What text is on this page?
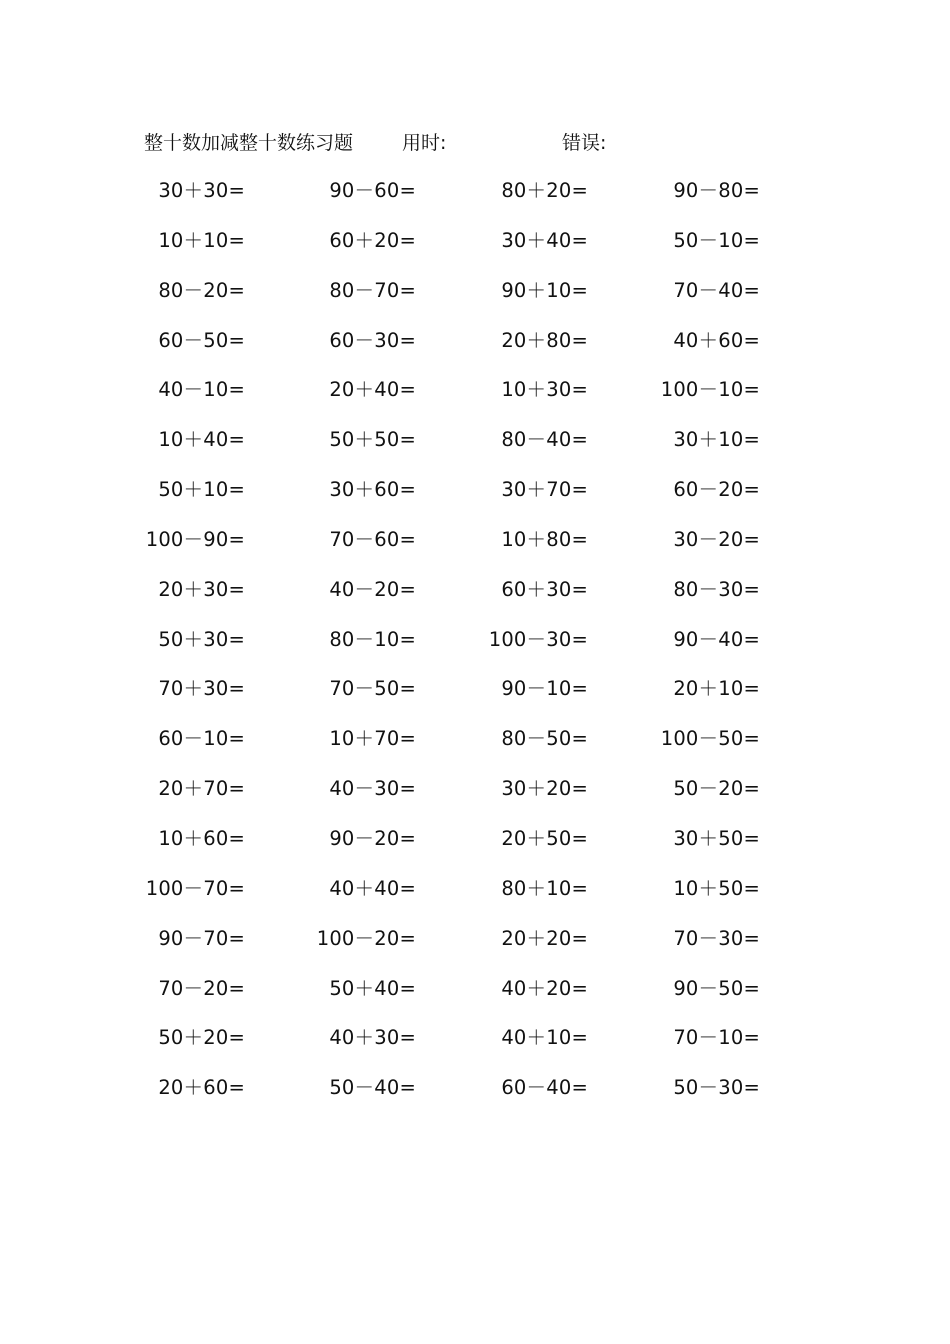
整十数加减整十数练习题	用时:	错误:
30＋30=	90－60=	80＋20=	90－80=
10＋10=	60＋20=	30＋40=	50－10=
80－20=	80－70=	90＋10=	70－40=
60－50=	60－30=	20＋80=	40＋60=
40－10=	20＋40=	10＋30=	100－10=
10＋40=	50＋50=	80－40=	30＋10=
50＋10=	30＋60=	30＋70=	60－20=
100－90=	70－60=	10＋80=	30－20=
20＋30=	40－20=	60＋30=	80－30=
50＋30=	80－10=	100－30=	90－40=
70＋30=	70－50=	90－10=	20＋10=
60－10=	10＋70=	80－50=	100－50=
20＋70=	40－30=	30＋20=	50－20=
10＋60=	90－20=	20＋50=	30＋50=
100－70=	40＋40=	80＋10=	10＋50=
90－70=	100－20=	20＋20=	70－30=
70－20=	50＋40=	40＋20=	90－50=
50＋20=	40＋30=	40＋10=	70－10=
20＋60=	50－40=	60－40=	50－30=
